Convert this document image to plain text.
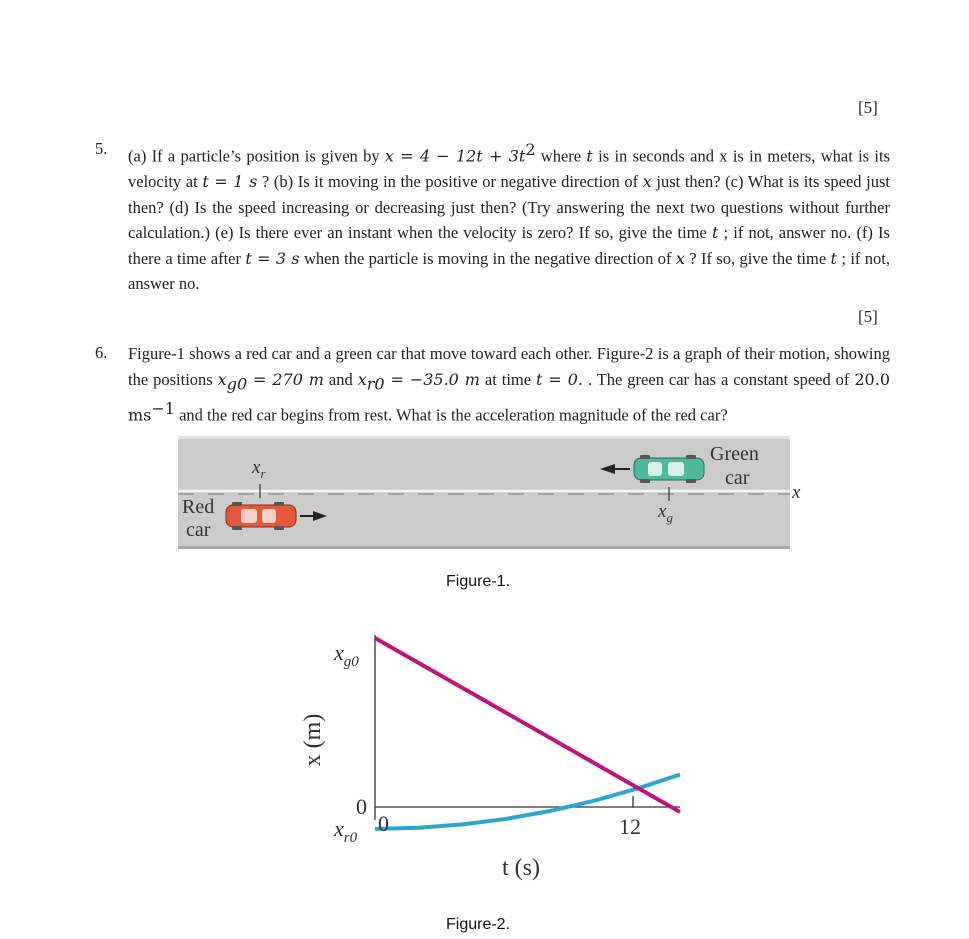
[5]
5. (a) If a particle’s position is given by $x = 4 - 12t + 3t^2$ where t is in seconds and x is in meters, what is its velocity at t = 1 s ? (b) Is it moving in the positive or negative direction of x just then? (c) What is its speed just then? (d) Is the speed increasing or decreasing just then? (Try answering the next two questions without further calculation.) (e) Is there ever an instant when the velocity is zero? If so, give the time t ; if not, answer no. (f) Is there a time after t = 3 s when the particle is moving in the negative direction of x ? If so, give the time t ; if not, answer no.
[5]
6. Figure-1 shows a red car and a green car that move toward each other. Figure-2 is a graph of their motion, showing the positions $x_{g0} = 270$ m and $x_{r0} = -35.0$ m at time t = 0. . The green car has a constant speed of 20.0 $ms^{-1}$ and the red car begins from rest. What is the acceleration magnitude of the red car?
$x_r$
$x_g$
Red
car
Green
car
x
Figure-1.
$x_{g0}$
0
$x_{r0}$
0	12
t (s)
x (m)
Figure-2.
